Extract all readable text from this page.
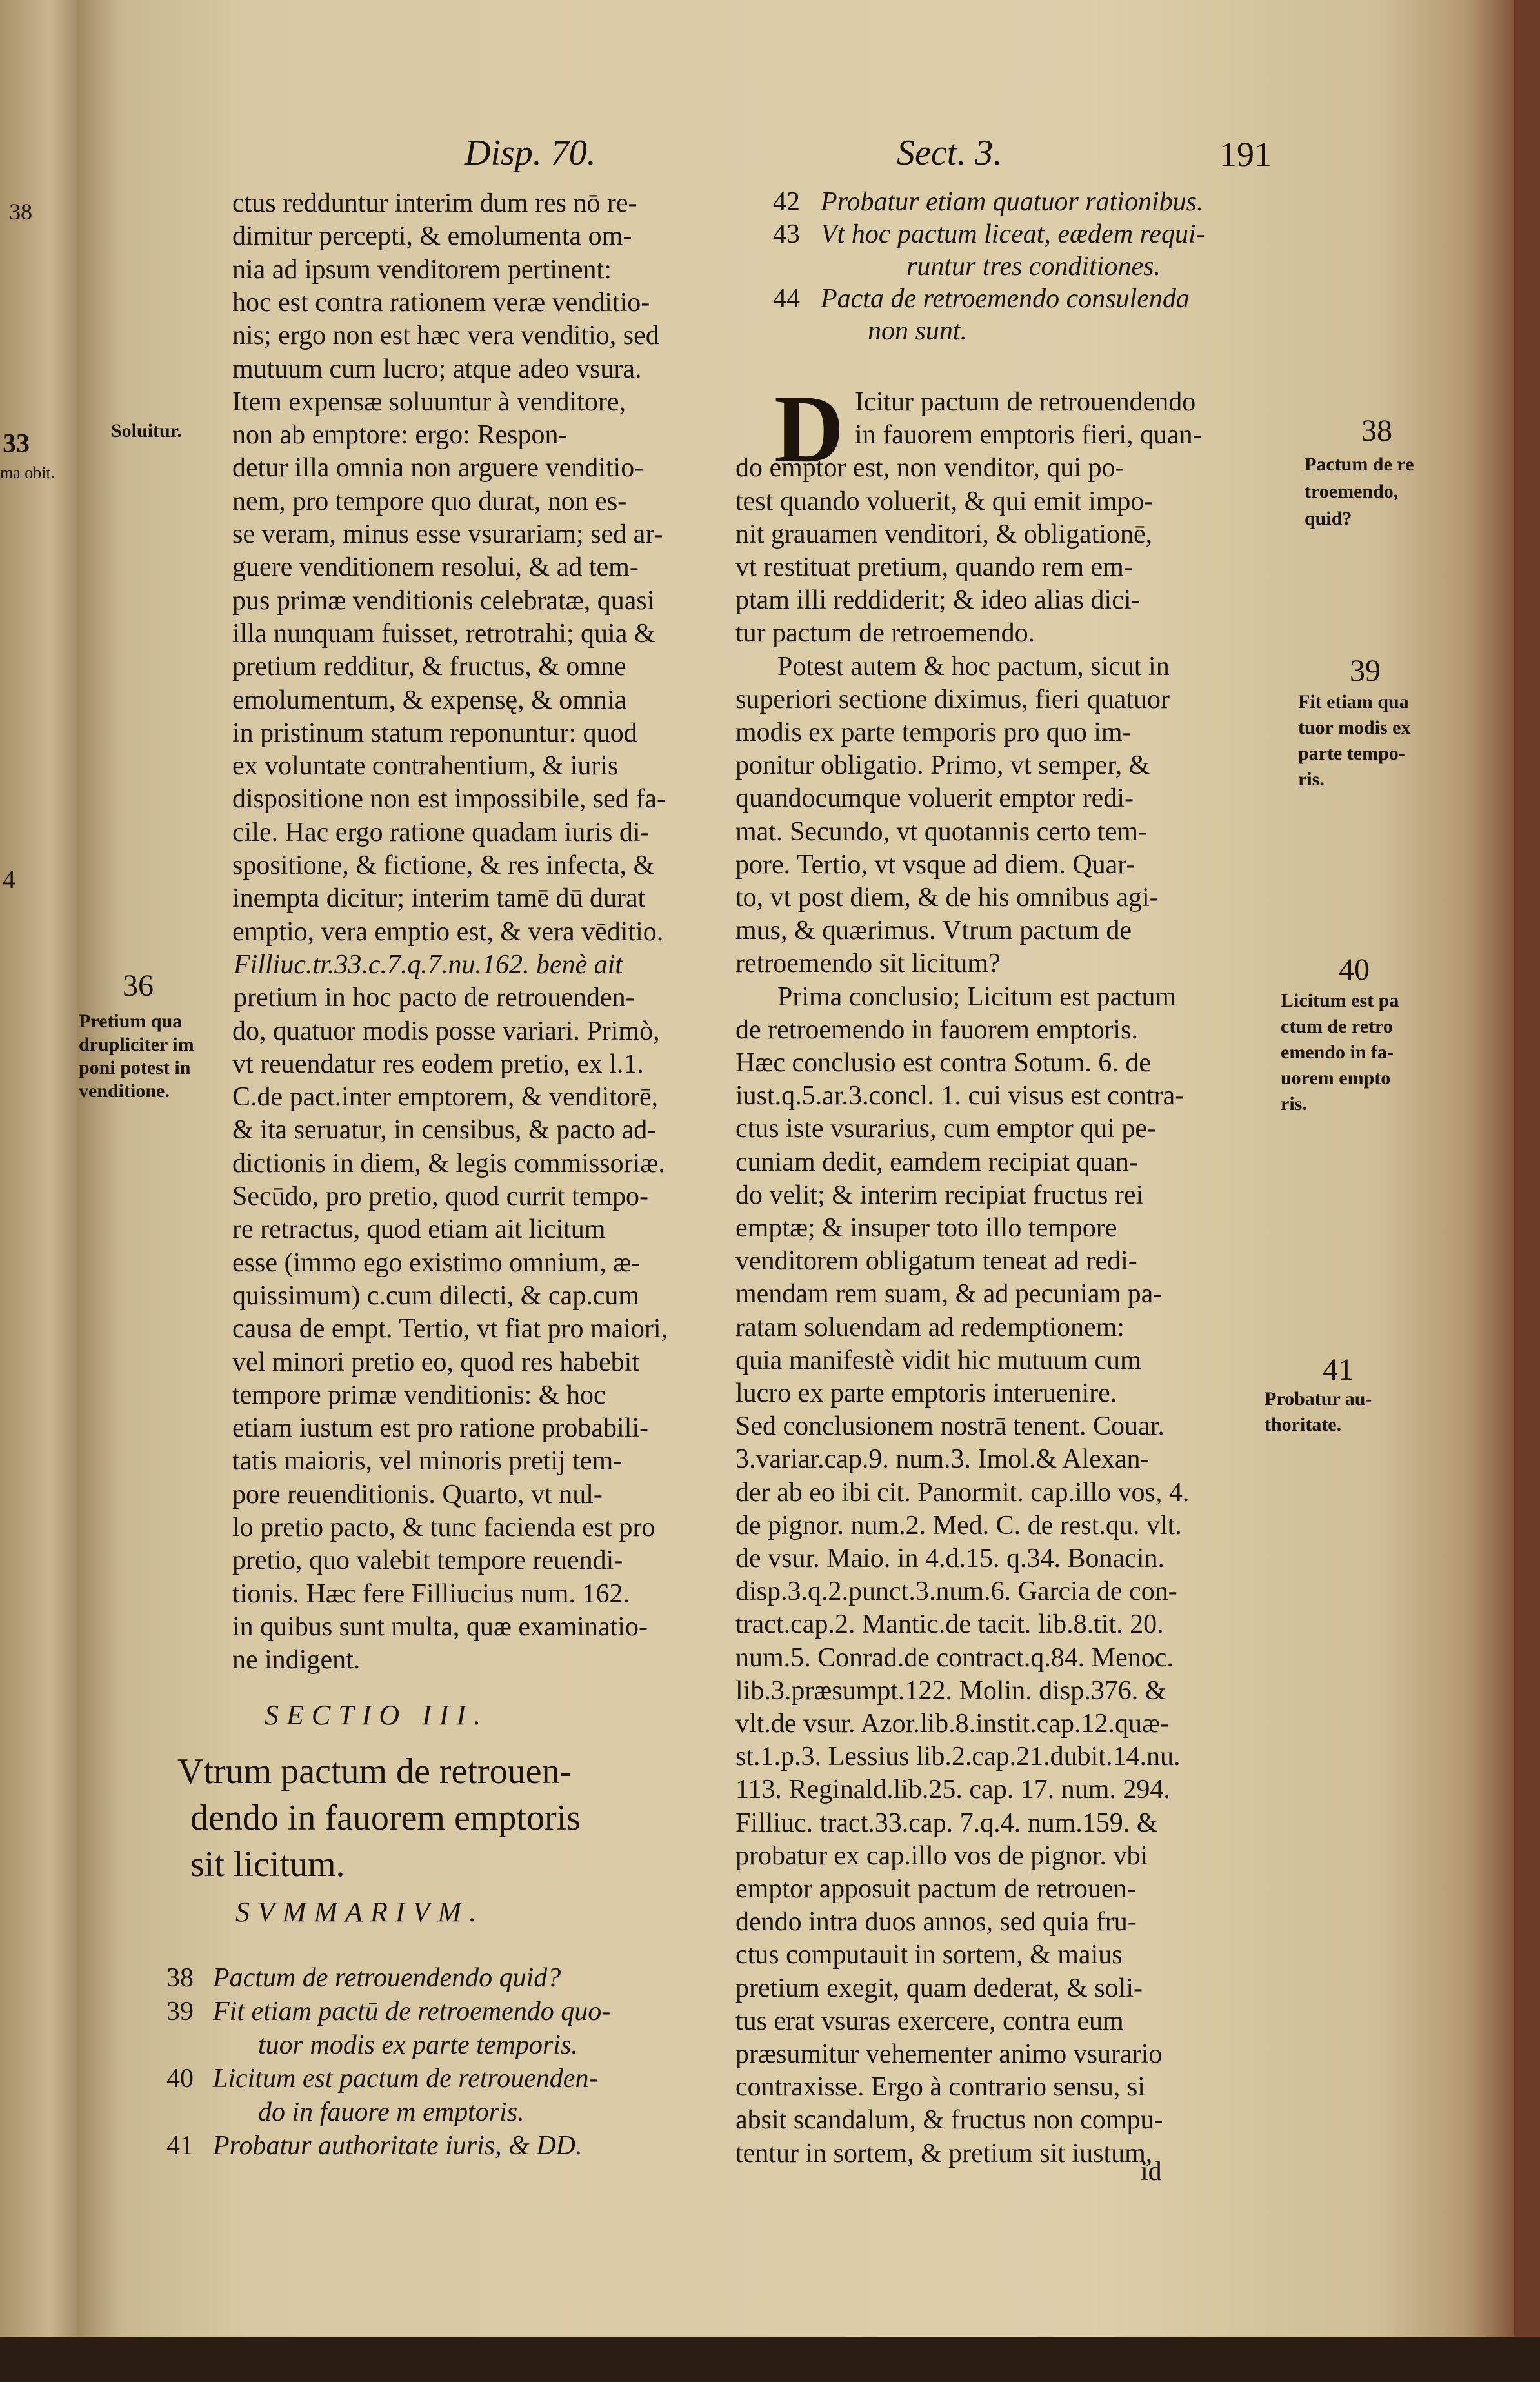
38
33
ma obit.
4
Disp. 70.	Sect. 3.	191
ctus redduntur interim dum res nō re-
dimitur percepti, & emolumenta om-
nia ad ipsum venditorem pertinent:
hoc est contra rationem veræ venditio-
nis; ergo non est hæc vera venditio, sed
mutuum cum lucro; atque adeo vsura.
Item expensæ soluuntur à venditore,
non ab emptore: ergo: Respon-
detur illa omnia non arguere venditio-
nem, pro tempore quo durat, non es-
se veram, minus esse vsurariam; sed ar-
guere venditionem resolui, & ad tem-
pus primæ venditionis celebratæ, quasi
illa nunquam fuisset, retrotrahi; quia &
pretium redditur, & fructus, & omne
emolumentum, & expensę, & omnia
in pristinum statum reponuntur: quod
ex voluntate contrahentium, & iuris
dispositione non est impossibile, sed fa-
cile. Hac ergo ratione quadam iuris di-
spositione, & fictione, & res infecta, &
inempta dicitur; interim tamē dū durat
emptio, vera emptio est, & vera vēditio.
Filliuc.tr.33.c.7.q.7.nu.162. benè ait
pretium in hoc pacto de retrouenden-
do, quatuor modis posse variari. Primò,
vt reuendatur res eodem pretio, ex l.1.
C.de pact.inter emptorem, & venditorē,
& ita seruatur, in censibus, & pacto ad-
dictionis in diem, & legis commissoriæ.
Secūdo, pro pretio, quod currit tempo-
re retractus, quod etiam ait licitum
esse (immo ego existimo omnium, æ-
quissimum) c.cum dilecti, & cap.cum
causa de empt. Tertio, vt fiat pro maiori,
vel minori pretio eo, quod res habebit
tempore primæ venditionis: & hoc
etiam iustum est pro ratione probabili-
tatis maioris, vel minoris pretij tem-
pore reuenditionis. Quarto, vt nul-
lo pretio pacto, & tunc facienda est pro
pretio, quo valebit tempore reuendi-
tionis. Hæc fere Filliucius num. 162.
in quibus sunt multa, quæ examinatio-
ne indigent.
SECTIO III.
Vtrum pactum de retrouen-
dendo in fauorem emptoris
sit licitum.
SVMMARIVM.
38 Pactum de retrouendendo quid?
39 Fit etiam pactū de retroemendo quo-
tuor modis ex parte temporis.
40 Licitum est pactum de retrouenden-
do in fauore m emptoris.
41 Probatur authoritate iuris, & DD.
42 Probatur etiam quatuor rationibus.
43 Vt hoc pactum liceat, eædem requi-
runtur tres conditiones.
44 Pacta de retroemendo consulenda
non sunt.
D Icitur pactum de retrouendendo
in fauorem emptoris fieri, quan-
do emptor est, non venditor, qui po-
test quando voluerit, & qui emit impo-
nit grauamen venditori, & obligationē,
vt restituat pretium, quando rem em-
ptam illi reddiderit; & ideo alias dici-
tur pactum de retroemendo.
Potest autem & hoc pactum, sicut in
superiori sectione diximus, fieri quatuor
modis ex parte temporis pro quo im-
ponitur obligatio. Primo, vt semper, &
quandocumque voluerit emptor redi-
mat. Secundo, vt quotannis certo tem-
pore. Tertio, vt vsque ad diem. Quar-
to, vt post diem, & de his omnibus agi-
mus, & quærimus. Vtrum pactum de
retroemendo sit licitum?
Prima conclusio; Licitum est pactum
de retroemendo in fauorem emptoris.
Hæc conclusio est contra Sotum. 6. de
iust.q.5.ar.3.concl. 1. cui visus est contra-
ctus iste vsurarius, cum emptor qui pe-
cuniam dedit, eamdem recipiat quan-
do velit; & interim recipiat fructus rei
emptæ; & insuper toto illo tempore
venditorem obligatum teneat ad redi-
mendam rem suam, & ad pecuniam pa-
ratam soluendam ad redemptionem:
quia manifestè vidit hic mutuum cum
lucro ex parte emptoris interuenire.
Sed conclusionem nostrā tenent. Couar.
3.variar.cap.9. num.3. Imol.& Alexan-
der ab eo ibi cit. Panormit. cap.illo vos, 4.
de pignor. num.2. Med. C. de rest.qu. vlt.
de vsur. Maio. in 4.d.15. q.34. Bonacin.
disp.3.q.2.punct.3.num.6. Garcia de con-
tract.cap.2. Mantic.de tacit. lib.8.tit. 20.
num.5. Conrad.de contract.q.84. Menoc.
lib.3.præsumpt.122. Molin. disp.376. &
vlt.de vsur. Azor.lib.8.instit.cap.12.quæ-
st.1.p.3. Lessius lib.2.cap.21.dubit.14.nu.
113. Reginald.lib.25. cap. 17. num. 294.
Filliuc. tract.33.cap. 7.q.4. num.159. &
probatur ex cap.illo vos de pignor. vbi
emptor apposuit pactum de retrouen-
dendo intra duos annos, sed quia fru-
ctus computauit in sortem, & maius
pretium exegit, quam dederat, & soli-
tus erat vsuras exercere, contra eum
præsumitur vehementer animo vsurario
contraxisse. Ergo à contrario sensu, si
absit scandalum, & fructus non compu-
tentur in sortem, & pretium sit iustum,
id
Soluitur.
36
Pretium qua
drupliciter im
poni potest in
venditione.
38
Pactum de re
troemendo,
quid?
39
Fit etiam qua
tuor modis ex
parte tempo-
ris.
40
Licitum est pa
ctum de retro
emendo in fa-
uorem empto
ris.
41
Probatur au-
thoritate.
